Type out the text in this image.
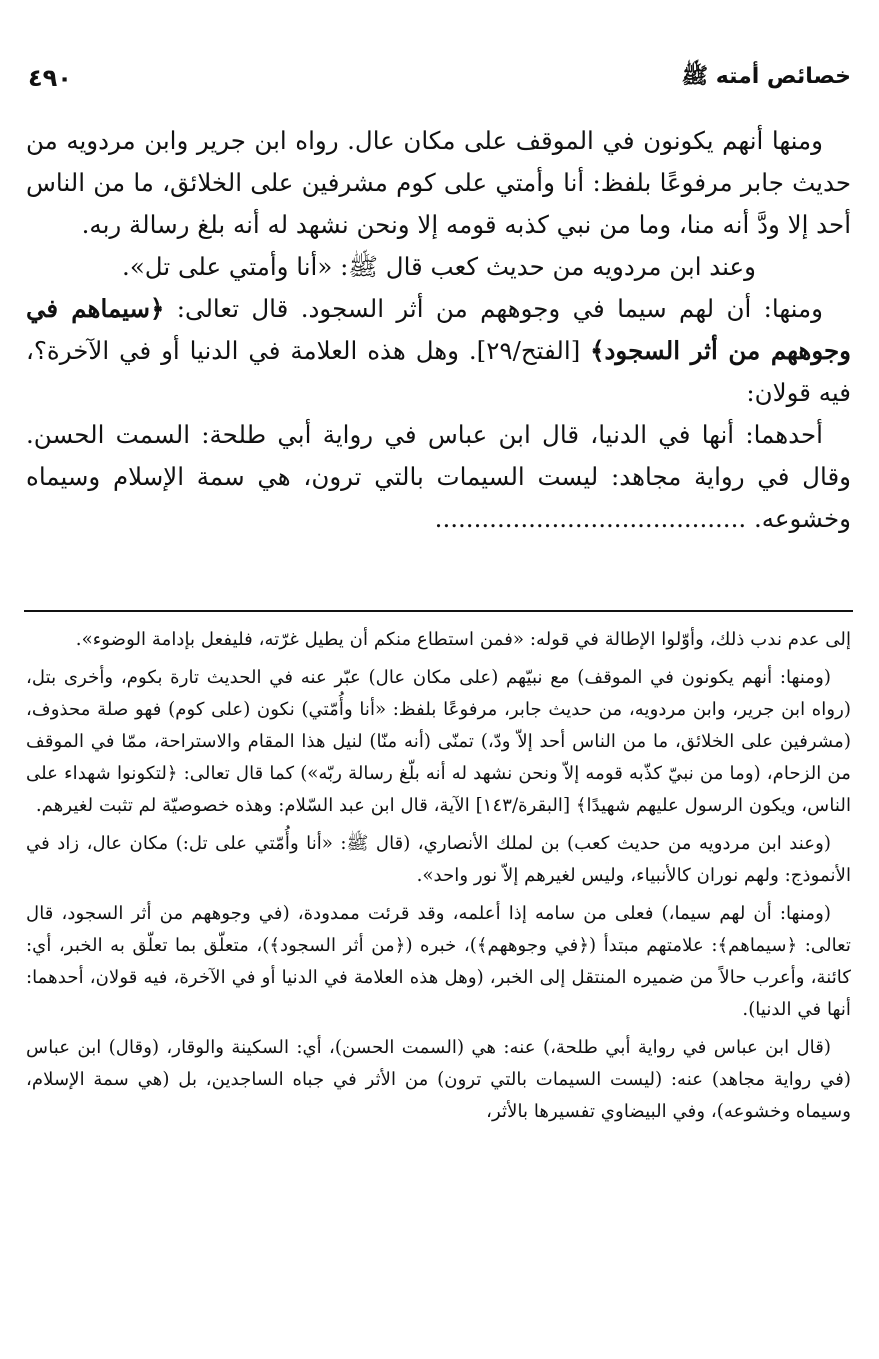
خصائص أمته ﷺ
٤٩٠

ومنها أنهم يكونون في الموقف على مكان عال. رواه ابن جرير وابن مردويه من حديث جابر مرفوعًا بلفظ: أنا وأمتي على كوم مشرفين على الخلائق، ما من الناس أحد إلا ودَّ أنه منا، وما من نبي كذبه قومه إلا ونحن نشهد له أنه بلغ رسالة ربه.

وعند ابن مردويه من حديث كعب قال ﷺ: «أنا وأمتي على تل».

ومنها: أن لهم سيما في وجوههم من أثر السجود. قال تعالى: ﴿سيماهم في وجوههم من أثر السجود﴾ [الفتح/٢٩]. وهل هذه العلامة في الدنيا أو في الآخرة؟، فيه قولان:

أحدهما: أنها في الدنيا، قال ابن عباس في رواية أبي طلحة: السمت الحسن. وقال في رواية مجاهد: ليست السيمات بالتي ترون، هي سمة الإسلام وسيماه وخشوعه. ........................................

إلى عدم ندب ذلك، وأوّلوا الإطالة في قوله: «فمن استطاع منكم أن يطيل غرّته، فليفعل بإدامة الوضوء».

(ومنها: أنهم يكونون في الموقف) مع نبيّهم (على مكان عال) عبّر عنه في الحديث تارة بكوم، وأخرى بتل، (رواه ابن جرير، وابن مردويه، من حديث جابر، مرفوعًا بلفظ: «أنا وأُمّتي) نكون (على كوم) فهو صلة محذوف، (مشرفين على الخلائق، ما من الناس أحد إلاّ ودّ،) تمنّى (أنه منّا) لنيل هذا المقام والاستراحة، ممّا في الموقف من الزحام، (وما من نبيّ كذّبه قومه إلاّ ونحن نشهد له أنه بلّغ رسالة ربّه») كما قال تعالى: ﴿لتكونوا شهداء على الناس، ويكون الرسول عليهم شهيدًا﴾ [البقرة/١٤٣] الآية، قال ابن عبد السّلام: وهذه خصوصيّة لم تثبت لغيرهم.

(وعند ابن مردويه من حديث كعب) بن لملك الأنصاري، (قال ﷺ: «أنا وأُمّتي على تل:) مكان عال، زاد في الأنموذج: ولهم نوران كالأنبياء، وليس لغيرهم إلاّ نور واحد».

(ومنها: أن لهم سيما،) فعلى من سامه إذا أعلمه، وقد قرئت ممدودة، (في وجوههم من أثر السجود، قال تعالى: ﴿سيماهم﴾: علامتهم مبتدأ (﴿في وجوههم﴾)، خبره (﴿من أثر السجود﴾)، متعلّق بما تعلّق به الخبر، أي: كائنة، وأعرب حالاً من ضميره المنتقل إلى الخبر، (وهل هذه العلامة في الدنيا أو في الآخرة، فيه قولان، أحدهما: أنها في الدنيا).

(قال ابن عباس في رواية أبي طلحة،) عنه: هي (السمت الحسن)، أي: السكينة والوقار، (وقال) ابن عباس (في رواية مجاهد) عنه: (ليست السيمات بالتي ترون) من الأثر في جباه الساجدين، بل (هي سمة الإسلام، وسيماه وخشوعه)، وفي البيضاوي تفسيرها بالأثر،
